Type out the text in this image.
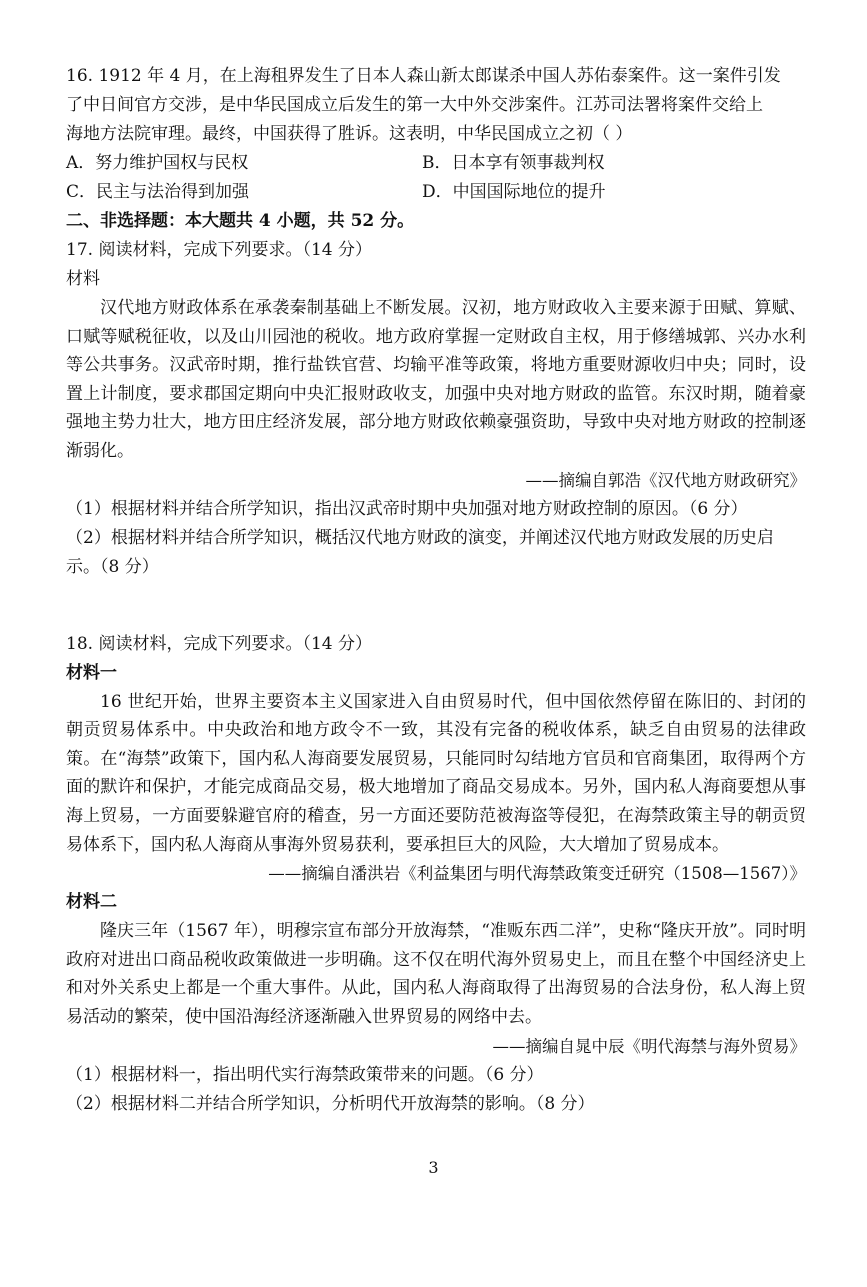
16. 1912 年 4 月，在上海租界发生了日本人森山新太郎谋杀中国人苏佑泰案件。这一案件引发
了中日间官方交涉，是中华民国成立后发生的第一大中外交涉案件。江苏司法署将案件交给上
海地方法院审理。最终，中国获得了胜诉。这表明，中华民国成立之初（ ）
A．努力维护国权与民权	B．日本享有领事裁判权
C．民主与法治得到加强	D．中国国际地位的提升
二、非选择题：本大题共 4 小题，共 52 分。
17. 阅读材料，完成下列要求。（14 分）
材料

汉代地方财政体系在承袭秦制基础上不断发展。汉初，地方财政收入主要来源于田赋、算赋、口赋等赋税征收，以及山川园池的税收。地方政府掌握一定财政自主权，用于修缮城郭、兴办水利等公共事务。汉武帝时期，推行盐铁官营、均输平准等政策，将地方重要财源收归中央；同时，设置上计制度，要求郡国定期向中央汇报财政收支，加强中央对地方财政的监管。东汉时期，随着豪强地主势力壮大，地方田庄经济发展，部分地方财政依赖豪强资助，导致中央对地方财政的控制逐渐弱化。

——摘编自郭浩《汉代地方财政研究》
（1）根据材料并结合所学知识，指出汉武帝时期中央加强对地方财政控制的原因。（6 分）
（2）根据材料并结合所学知识，概括汉代地方财政的演变，并阐述汉代地方财政发展的历史启
示。（8 分）
18. 阅读材料，完成下列要求。（14 分）
材料一

16 世纪开始，世界主要资本主义国家进入自由贸易时代，但中国依然停留在陈旧的、封闭的朝贡贸易体系中。中央政治和地方政令不一致，其没有完备的税收体系，缺乏自由贸易的法律政策。在“海禁”政策下，国内私人海商要发展贸易，只能同时勾结地方官员和官商集团，取得两个方面的默许和保护，才能完成商品交易，极大地增加了商品交易成本。另外，国内私人海商要想从事海上贸易，一方面要躲避官府的稽查，另一方面还要防范被海盗等侵犯，在海禁政策主导的朝贡贸易体系下，国内私人海商从事海外贸易获利，要承担巨大的风险，大大增加了贸易成本。

——摘编自潘洪岩《利益集团与明代海禁政策变迁研究（1508—1567）》
材料二

隆庆三年（1567 年），明穆宗宣布部分开放海禁，“准贩东西二洋”，史称“隆庆开放”。同时明政府对进出口商品税收政策做进一步明确。这不仅在明代海外贸易史上，而且在整个中国经济史上和对外关系史上都是一个重大事件。从此，国内私人海商取得了出海贸易的合法身份，私人海上贸易活动的繁荣，使中国沿海经济逐渐融入世界贸易的网络中去。

——摘编自晁中辰《明代海禁与海外贸易》
（1）根据材料一，指出明代实行海禁政策带来的问题。（6 分）
（2）根据材料二并结合所学知识，分析明代开放海禁的影响。（8 分）
3
